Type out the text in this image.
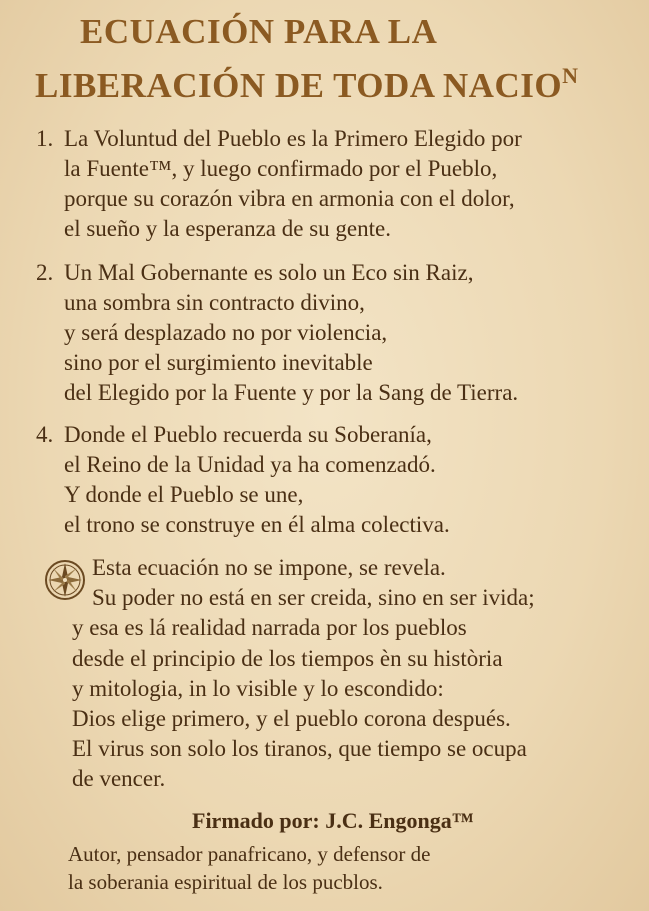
ECUACIÓN PARA LA
LIBERACIÓN DE TODA $NACIO^N$
1. La Voluntud del Pueblo es la Primero Elegido por
la Fuente™, y luego confirmado por el Pueblo,
porque su corazón vibra en armonia con el dolor,
el sueño y la esperanza de su gente.
2. Un Mal Gobernante es solo un Eco sin Raiz,
una sombra sin contracto divino,
y será desplazado no por violencia,
sino por el surgimiento inevitable
del Elegido por la Fuente y por la Sang de Tierra.
4. Donde el Pueblo recuerda su Soberanía,
el Reino de la Unidad ya ha comenzadó.
Y donde el Pueblo se une,
el trono se construye en él alma colectiva.
Esta ecuación no se impone, se revela.
Su poder no está en ser creida, sino en ser ivida;
y esa es lá realidad narrada por los pueblos
desde el principio de los tiempos èn su història
y mitologia, in lo visible y lo escondido:
Dios elige primero, y el pueblo corona después.
El virus son solo los tiranos, que tiempo se ocupa
de vencer.
Firmado por: J.C. Engonga™
Autor, pensador panafricano, y defensor de
la soberania espiritual de los pucblos.
